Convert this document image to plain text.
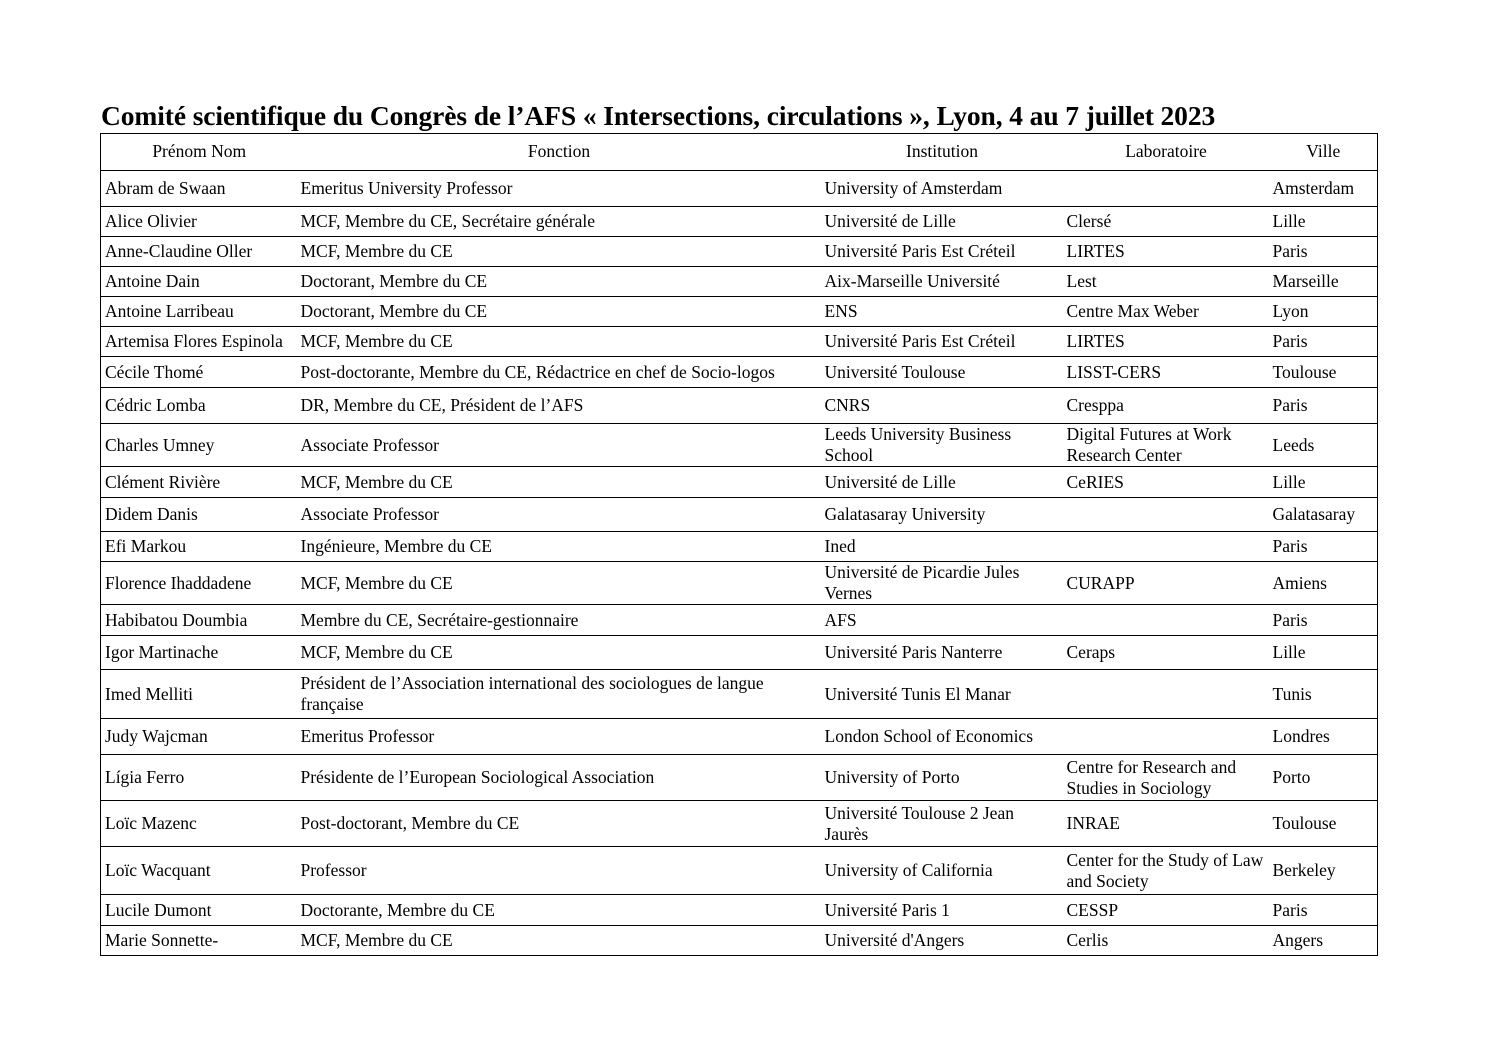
Comité scientifique du Congrès de l’AFS « Intersections, circulations », Lyon, 4 au 7 juillet 2023
Prénom Nom	Fonction	Institution	Laboratoire	Ville
Abram de Swaan	Emeritus University Professor	University of Amsterdam		Amsterdam
Alice Olivier	MCF, Membre du CE, Secrétaire générale	Université de Lille	Clersé	Lille
Anne-Claudine Oller	MCF, Membre du CE	Université Paris Est Créteil	LIRTES	Paris
Antoine Dain	Doctorant, Membre du CE	Aix-Marseille Université	Lest	Marseille
Antoine Larribeau	Doctorant, Membre du CE	ENS	Centre Max Weber	Lyon
Artemisa Flores Espinola	MCF, Membre du CE	Université Paris Est Créteil	LIRTES	Paris
Cécile Thomé	Post-doctorante, Membre du CE, Rédactrice en chef de Socio-logos	Université Toulouse	LISST-CERS	Toulouse
Cédric Lomba	DR, Membre du CE, Président de l’AFS	CNRS	Cresppa	Paris
Charles Umney	Associate Professor	Leeds University Business School	Digital Futures at Work Research Center	Leeds
Clément Rivière	MCF, Membre du CE	Université de Lille	CeRIES	Lille
Didem Danis	Associate Professor	Galatasaray University		Galatasaray
Efi Markou	Ingénieure, Membre du CE	Ined		Paris
Florence Ihaddadene	MCF, Membre du CE	Université de Picardie Jules Vernes	CURAPP	Amiens
Habibatou Doumbia	Membre du CE, Secrétaire-gestionnaire	AFS		Paris
Igor Martinache	MCF, Membre du CE	Université Paris Nanterre	Ceraps	Lille
Imed Melliti	Président de l’Association international des sociologues de langue française	Université Tunis El Manar		Tunis
Judy Wajcman	Emeritus Professor	London School of Economics		Londres
Lígia Ferro	Présidente de l’European Sociological Association	University of Porto	Centre for Research and Studies in Sociology	Porto
Loïc Mazenc	Post-doctorant, Membre du CE	Université Toulouse 2 Jean Jaurès	INRAE	Toulouse
Loïc Wacquant	Professor	University of California	Center for the Study of Law and Society	Berkeley
Lucile Dumont	Doctorante, Membre du CE	Université Paris 1	CESSP	Paris
Marie Sonnette-	MCF, Membre du CE	Université d'Angers	Cerlis	Angers
